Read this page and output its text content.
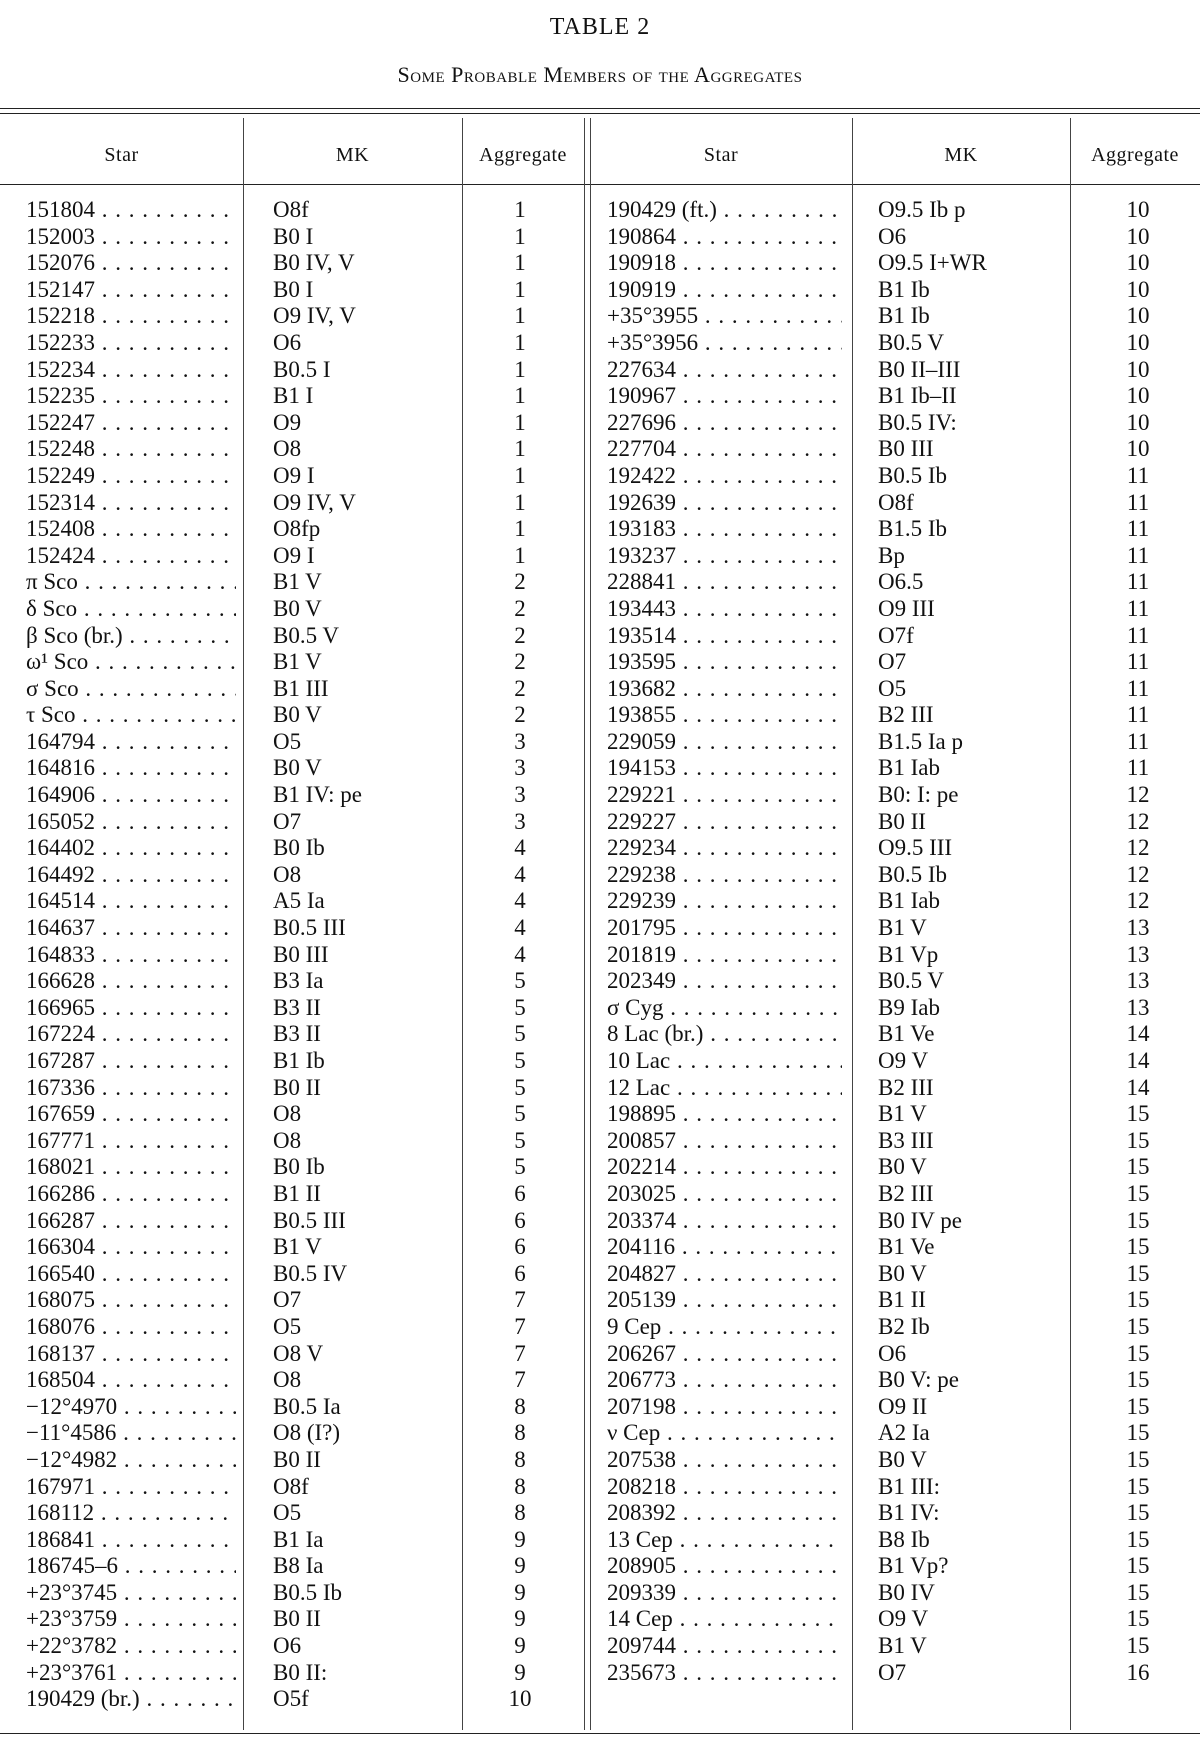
TABLE 2
Some Probable Members of the Aggregates
Star	MK	Aggregate	Star	MK	Aggregate
151804 . . .	O8f	1
152003 . . .	B0 I	1
152076 . . .	B0 IV, V	1
152147 . . .	B0 I	1
152218 . . .	O9 IV, V	1
152233 . . .	O6	1
152234 . . .	B0.5 I	1
152235 . . .	B1 I	1
152247 . . .	O9	1
152248 . . .	O8	1
152249 . . .	O9 I	1
152314 . . .	O9 IV, V	1
152408 . . .	O8fp	1
152424 . . .	O9 I	1
π Sco . . .	B1 V	2
δ Sco . . .	B0 V	2
β Sco (br.) . . .	B0.5 V	2
ω¹ Sco . . .	B1 V	2
σ Sco . . .	B1 III	2
τ Sco . . .	B0 V	2
164794 . . .	O5	3
164816 . . .	B0 V	3
164906 . . .	B1 IV: pe	3
165052 . . .	O7	3
164402 . . .	B0 Ib	4
164492 . . .	O8	4
164514 . . .	A5 Ia	4
164637 . . .	B0.5 III	4
164833 . . .	B0 III	4
166628 . . .	B3 Ia	5
166965 . . .	B3 II	5
167224 . . .	B3 II	5
167287 . . .	B1 Ib	5
167336 . . .	B0 II	5
167659 . . .	O8	5
167771 . . .	O8	5
168021 . . .	B0 Ib	5
166286 . . .	B1 II	6
166287 . . .	B0.5 III	6
166304 . . .	B1 V	6
166540 . . .	B0.5 IV	6
168075 . . .	O7	7
168076 . . .	O5	7
168137 . . .	O8 V	7
168504 . . .	O8	7
−12°4970 . . .	B0.5 Ia	8
−11°4586 . . .	O8 (I?)	8
−12°4982 . . .	B0 II	8
167971 . . .	O8f	8
168112 . . .	O5	8
186841 . . .	B1 Ia	9
186745–6 . . .	B8 Ia	9
+23°3745 . . .	B0.5 Ib	9
+23°3759 . . .	B0 II	9
+22°3782 . . .	O6	9
+23°3761 . . .	B0 II:	9
190429 (br.) . . .	O5f	10
190429 (ft.) . . .	O9.5 Ib p	10
190864 . . .	O6	10
190918 . . .	O9.5 I+WR	10
190919 . . .	B1 Ib	10
+35°3955 . . .	B1 Ib	10
+35°3956 . . .	B0.5 V	10
227634 . . .	B0 II–III	10
190967 . . .	B1 Ib–II	10
227696 . . .	B0.5 IV:	10
227704 . . .	B0 III	10
192422 . . .	B0.5 Ib	11
192639 . . .	O8f	11
193183 . . .	B1.5 Ib	11
193237 . . .	Bp	11
228841 . . .	O6.5	11
193443 . . .	O9 III	11
193514 . . .	O7f	11
193595 . . .	O7	11
193682 . . .	O5	11
193855 . . .	B2 III	11
229059 . . .	B1.5 Ia p	11
194153 . . .	B1 Iab	11
229221 . . .	B0: I: pe	12
229227 . . .	B0 II	12
229234 . . .	O9.5 III	12
229238 . . .	B0.5 Ib	12
229239 . . .	B1 Iab	12
201795 . . .	B1 V	13
201819 . . .	B1 Vp	13
202349 . . .	B0.5 V	13
σ Cyg . . .	B9 Iab	13
8 Lac (br.) . . .	B1 Ve	14
10 Lac . . .	O9 V	14
12 Lac . . .	B2 III	14
198895 . . .	B1 V	15
200857 . . .	B3 III	15
202214 . . .	B0 V	15
203025 . . .	B2 III	15
203374 . . .	B0 IV pe	15
204116 . . .	B1 Ve	15
204827 . . .	B0 V	15
205139 . . .	B1 II	15
9 Cep . . .	B2 Ib	15
206267 . . .	O6	15
206773 . . .	B0 V: pe	15
207198 . . .	O9 II	15
ν Cep . . .	A2 Ia	15
207538 . . .	B0 V	15
208218 . . .	B1 III:	15
208392 . . .	B1 IV:	15
13 Cep . . .	B8 Ib	15
208905 . . .	B1 Vp?	15
209339 . . .	B0 IV	15
14 Cep . . .	O9 V	15
209744 . . .	B1 V	15
235673 . . .	O7	16
